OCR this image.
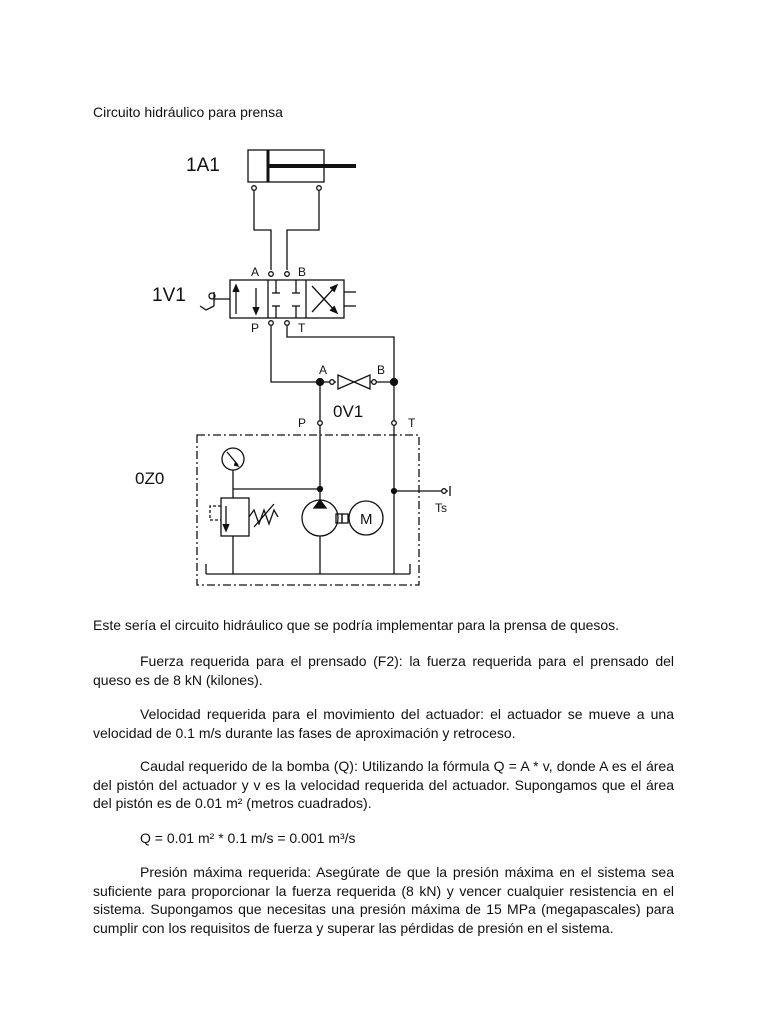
Circuito hidráulico para prensa
1A1
1V1
A	B
P	T
A	B
0V1
P	T
0Z0
Ts
M

Este sería el circuito hidráulico que se podría implementar para la prensa de quesos.

Fuerza requerida para el prensado (F2): la fuerza requerida para el prensado del queso es de 8 kN (kilones).

Velocidad requerida para el movimiento del actuador: el actuador se mueve a una velocidad de 0.1 m/s durante las fases de aproximación y retroceso.

Caudal requerido de la bomba (Q): Utilizando la fórmula Q = A * v, donde A es el área del pistón del actuador y v es la velocidad requerida del actuador. Supongamos que el área del pistón es de 0.01 m² (metros cuadrados).

Q = 0.01 m² * 0.1 m/s = 0.001 m³/s

Presión máxima requerida: Asegúrate de que la presión máxima en el sistema sea suficiente para proporcionar la fuerza requerida (8 kN) y vencer cualquier resistencia en el sistema. Supongamos que necesitas una presión máxima de 15 MPa (megapascales) para cumplir con los requisitos de fuerza y superar las pérdidas de presión en el sistema.
